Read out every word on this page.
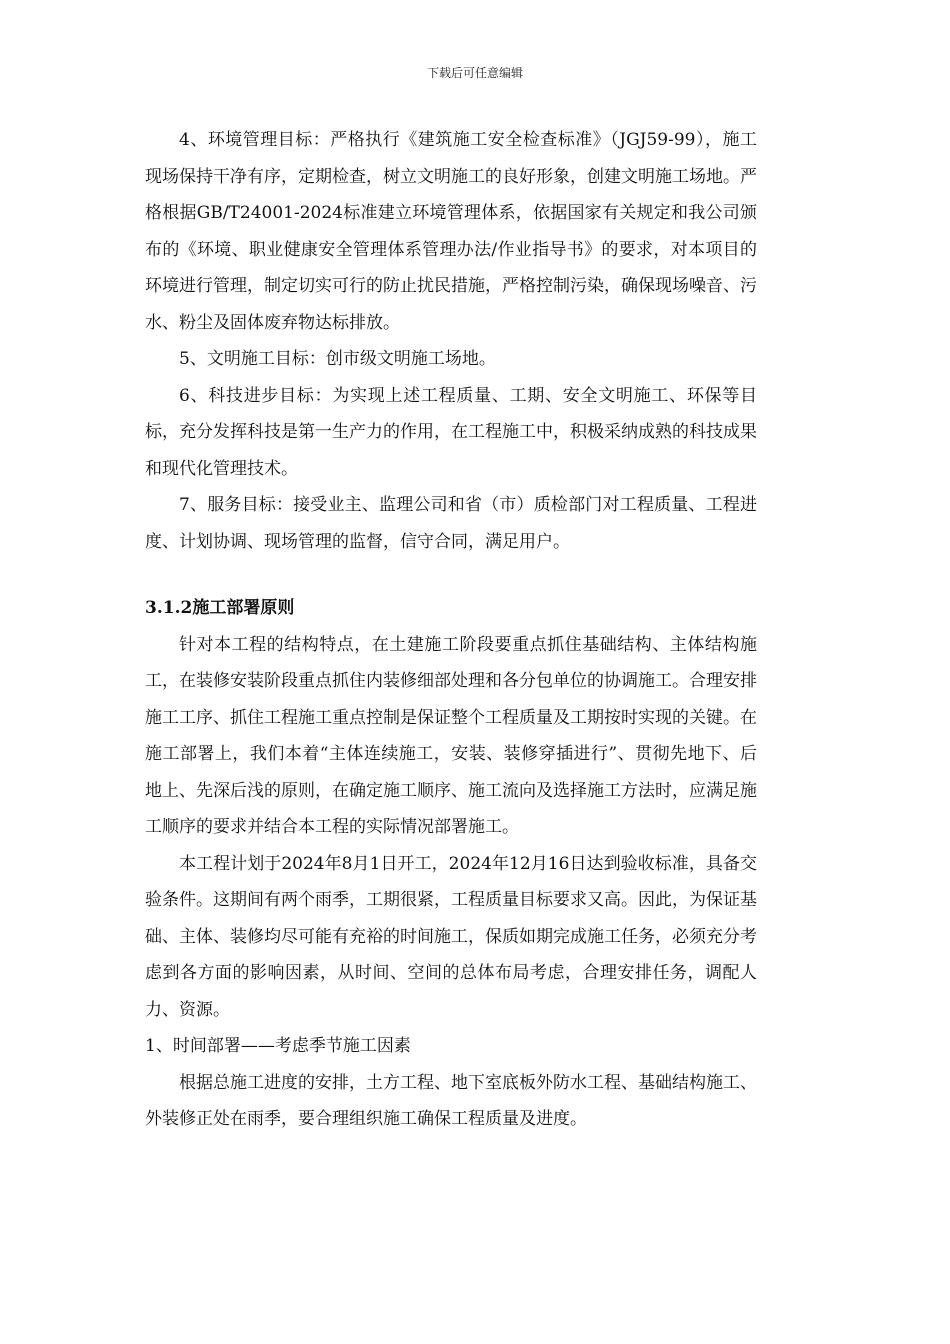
下载后可任意编辑

4、环境管理目标：严格执行《建筑施工安全检查标准》（JGJ59-99），施工现场保持干净有序，定期检查，树立文明施工的良好形象，创建文明施工场地。严格根据GB/T24001-2024标准建立环境管理体系，依据国家有关规定和我公司颁布的《环境、职业健康安全管理体系管理办法/作业指导书》的要求，对本项目的环境进行管理，制定切实可行的防止扰民措施，严格控制污染，确保现场噪音、污水、粉尘及固体废弃物达标排放。

5、文明施工目标：创市级文明施工场地。

6、科技进步目标：为实现上述工程质量、工期、安全文明施工、环保等目标，充分发挥科技是第一生产力的作用，在工程施工中，积极采纳成熟的科技成果和现代化管理技术。

7、服务目标：接受业主、监理公司和省（市）质检部门对工程质量、工程进度、计划协调、现场管理的监督，信守合同，满足用户。

3.1.2施工部署原则

针对本工程的结构特点，在土建施工阶段要重点抓住基础结构、主体结构施工，在装修安装阶段重点抓住内装修细部处理和各分包单位的协调施工。合理安排施工工序、抓住工程施工重点控制是保证整个工程质量及工期按时实现的关键。在施工部署上，我们本着“主体连续施工，安装、装修穿插进行”、贯彻先地下、后地上、先深后浅的原则，在确定施工顺序、施工流向及选择施工方法时，应满足施工顺序的要求并结合本工程的实际情况部署施工。

本工程计划于2024年8月1日开工，2024年12月16日达到验收标准，具备交验条件。这期间有两个雨季，工期很紧，工程质量目标要求又高。因此，为保证基础、主体、装修均尽可能有充裕的时间施工，保质如期完成施工任务，必须充分考虑到各方面的影响因素，从时间、空间的总体布局考虑，合理安排任务，调配人力、资源。

1、时间部署——考虑季节施工因素

根据总施工进度的安排，土方工程、地下室底板外防水工程、基础结构施工、外装修正处在雨季，要合理组织施工确保工程质量及进度。
